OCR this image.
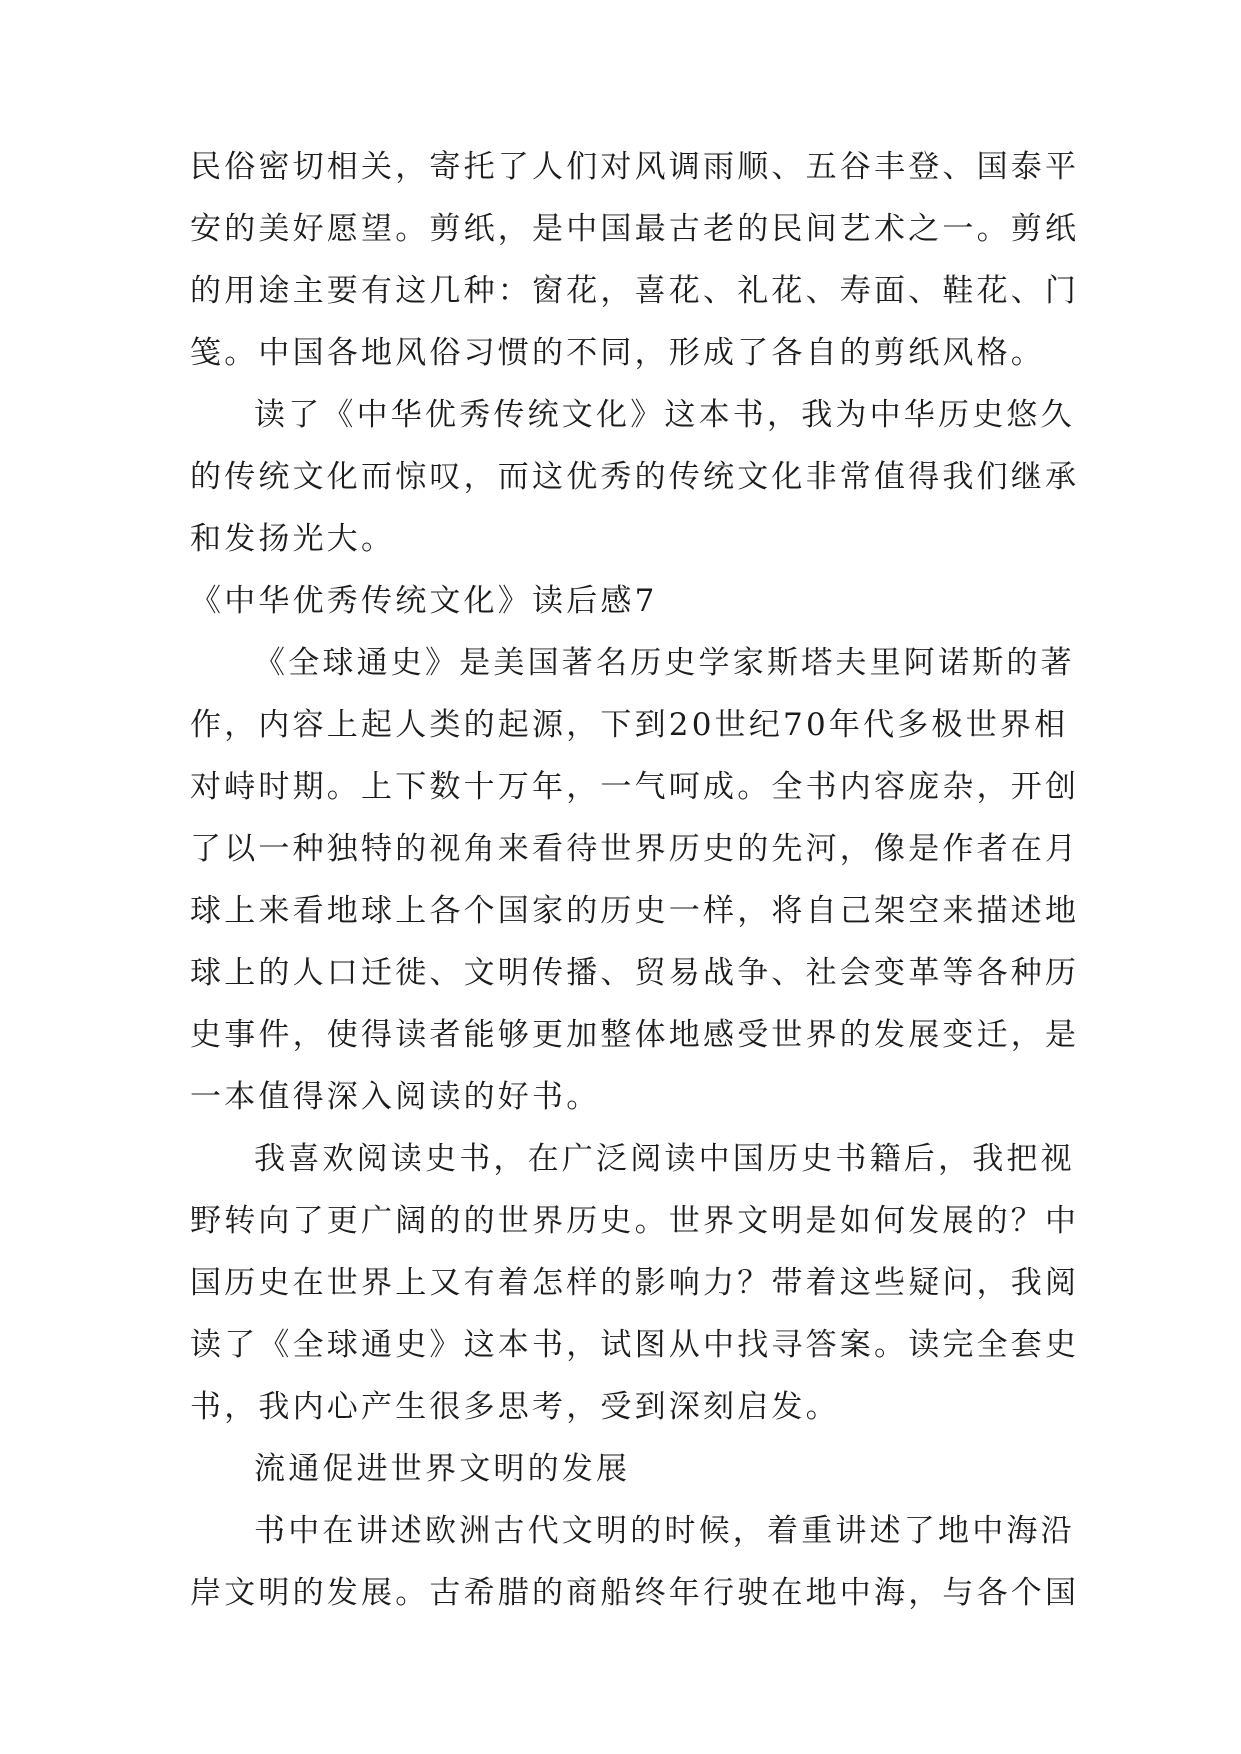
民俗密切相关，寄托了人们对风调雨顺、五谷丰登、国泰平

安的美好愿望。剪纸，是中国最古老的民间艺术之一。剪纸

的用途主要有这几种：窗花，喜花、礼花、寿面、鞋花、门

笺。中国各地风俗习惯的不同，形成了各自的剪纸风格。

读了《中华优秀传统文化》这本书，我为中华历史悠久

的传统文化而惊叹，而这优秀的传统文化非常值得我们继承

和发扬光大。

《中华优秀传统文化》读后感7

《全球通史》是美国著名历史学家斯塔夫里阿诺斯的著

作，内容上起人类的起源，下到20世纪70年代多极世界相

对峙时期。上下数十万年，一气呵成。全书内容庞杂，开创

了以一种独特的视角来看待世界历史的先河，像是作者在月

球上来看地球上各个国家的历史一样，将自己架空来描述地

球上的人口迁徙、文明传播、贸易战争、社会变革等各种历

史事件，使得读者能够更加整体地感受世界的发展变迁，是

一本值得深入阅读的好书。

我喜欢阅读史书，在广泛阅读中国历史书籍后，我把视

野转向了更广阔的的世界历史。世界文明是如何发展的？中

国历史在世界上又有着怎样的影响力？带着这些疑问，我阅

读了《全球通史》这本书，试图从中找寻答案。读完全套史

书，我内心产生很多思考，受到深刻启发。

流通促进世界文明的发展

书中在讲述欧洲古代文明的时候，着重讲述了地中海沿

岸文明的发展。古希腊的商船终年行驶在地中海，与各个国
